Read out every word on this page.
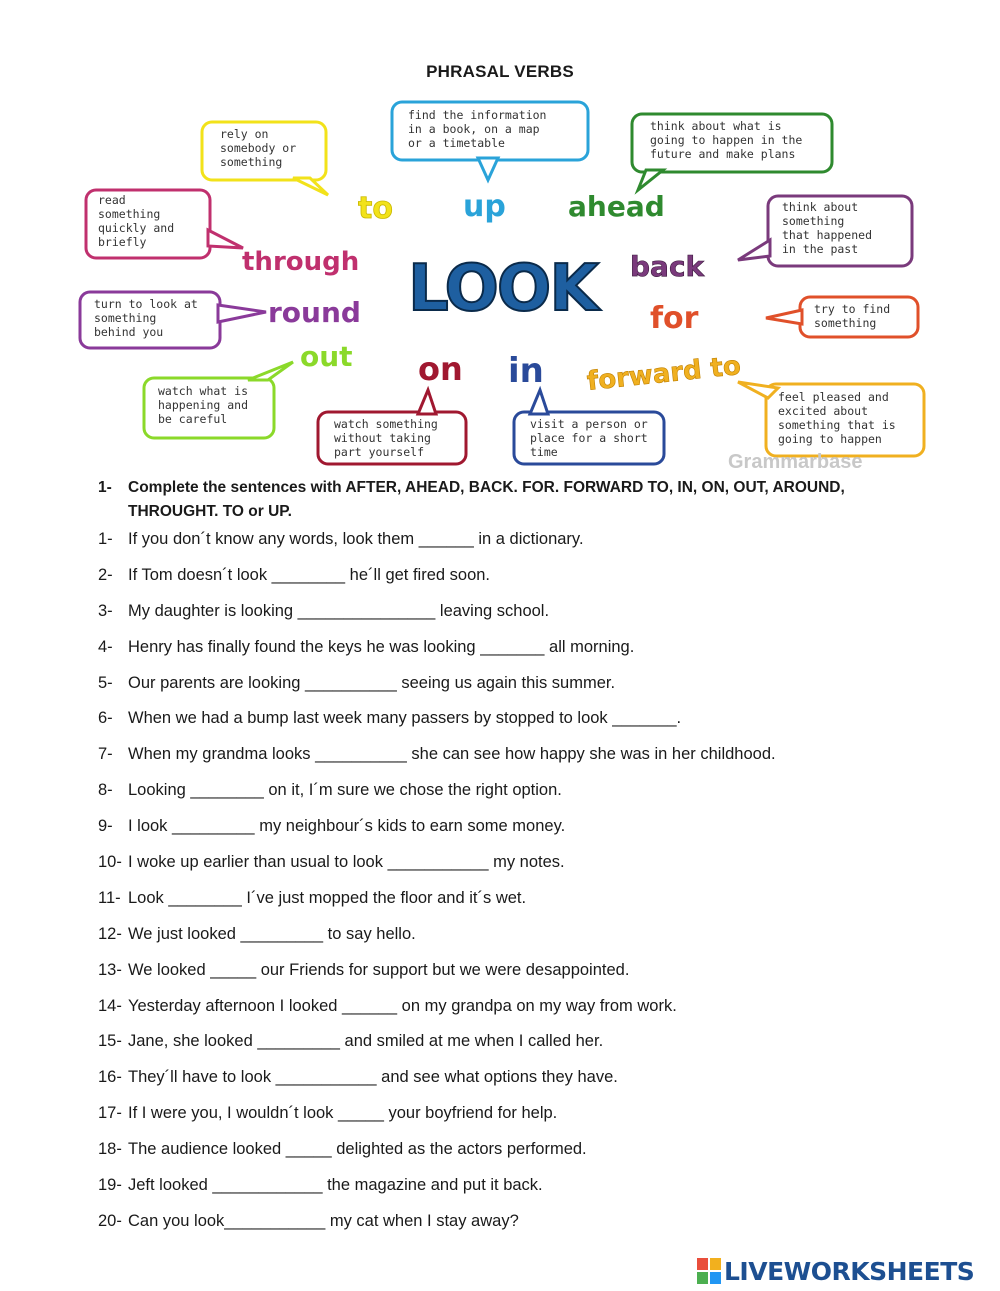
PHRASAL VERBS
rely on somebody or something
find the information in a book, on a map or a timetable
think about what is going to happen in the future and make plans
read something quickly and briefly
think about something that happened in the past
turn to look at something behind you
try to find something
watch what is happening and be careful	watch something without taking part yourself
visit a person or place for a short time
feel pleased and excited about something that is going to happen
LOOK
to up ahead
through	back
round	for
out on in forward to
Grammarbase
1- Complete the sentences with AFTER, AHEAD, BACK. FOR. FORWARD TO, IN, ON, OUT, AROUND, THROUGHT. TO or UP.
1- If you don´t know any words, look them ______ in a dictionary.
2- If Tom doesn´t look ________ he´ll get fired soon.
3- My daughter is looking _______________ leaving school.
4- Henry has finally found the keys he was looking _______ all morning.
5- Our parents are looking __________ seeing us again this summer.
6- When we had a bump last week many passers by stopped to look _______.
7- When my grandma looks __________ she can see how happy she was in her childhood.
8- Looking ________ on it, I´m sure we chose the right option.
9- I look _________ my neighbour´s kids to earn some money.
10- I woke up earlier than usual to look ___________ my notes.
11- Look ________ I´ve just mopped the floor and it´s wet.
12- We just looked _________ to say hello.
13- We looked _____ our Friends for support but we were desappointed.
14- Yesterday afternoon I looked ______ on my grandpa on my way from work.
15- Jane, she looked _________ and smiled at me when I called her.
16- They´ll have to look ___________ and see what options they have.
17- If I were you, I wouldn´t look _____ your boyfriend for help.
18- The audience looked _____ delighted as the actors performed.
19- Jeft looked ____________ the magazine and put it back.
20- Can you look___________ my cat when I stay away?
LIVEWORKSHEETS
